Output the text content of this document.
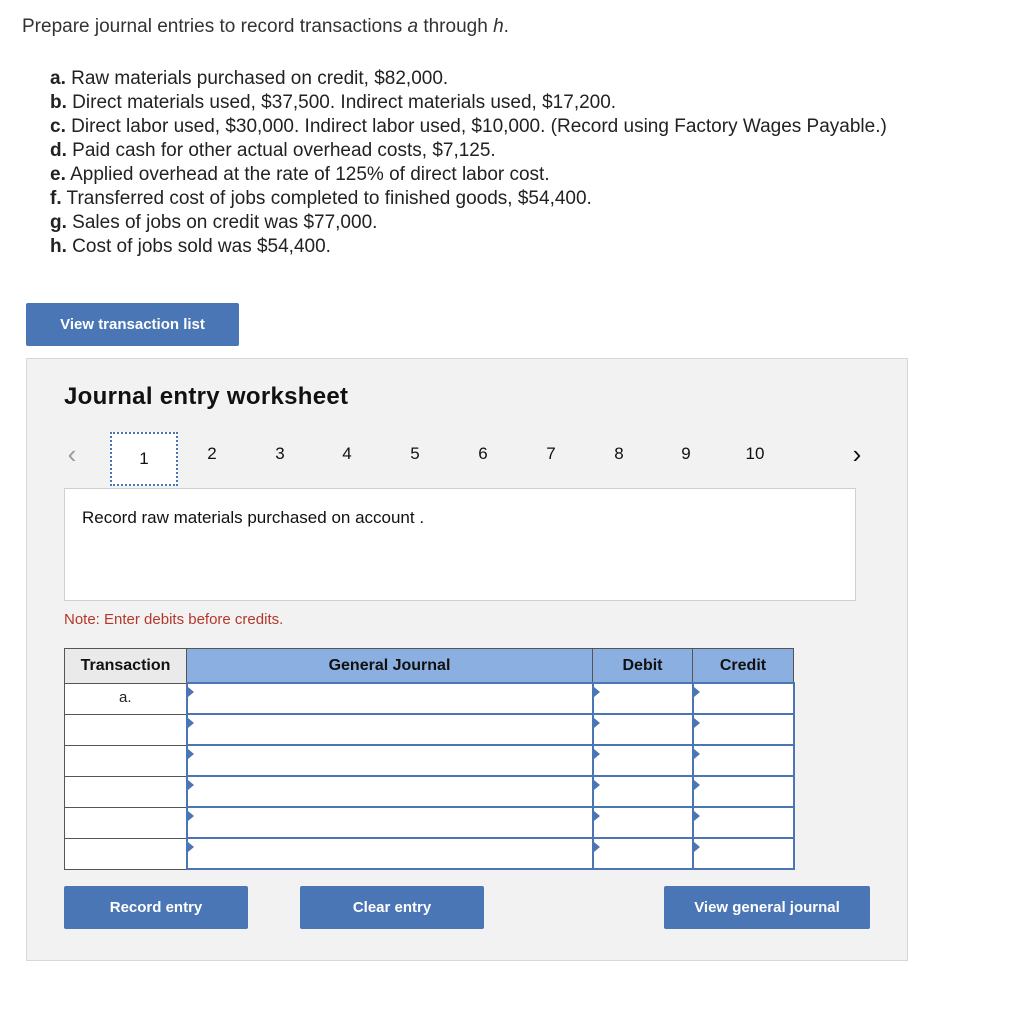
Prepare journal entries to record transactions a through h.
a. Raw materials purchased on credit, $82,000.
b. Direct materials used, $37,500. Indirect materials used, $17,200.
c. Direct labor used, $30,000. Indirect labor used, $10,000. (Record using Factory Wages Payable.)
d. Paid cash for other actual overhead costs, $7,125.
e. Applied overhead at the rate of 125% of direct labor cost.
f. Transferred cost of jobs completed to finished goods, $54,400.
g. Sales of jobs on credit was $77,000.
h. Cost of jobs sold was $54,400.
View transaction list
Journal entry worksheet
‹	1	2	3	4	5	6	7	8	9	10	›
Record raw materials purchased on account .
Note: Enter debits before credits.
Transaction	General Journal	Debit	Credit
a.			

Record entry	Clear entry	View general journal
